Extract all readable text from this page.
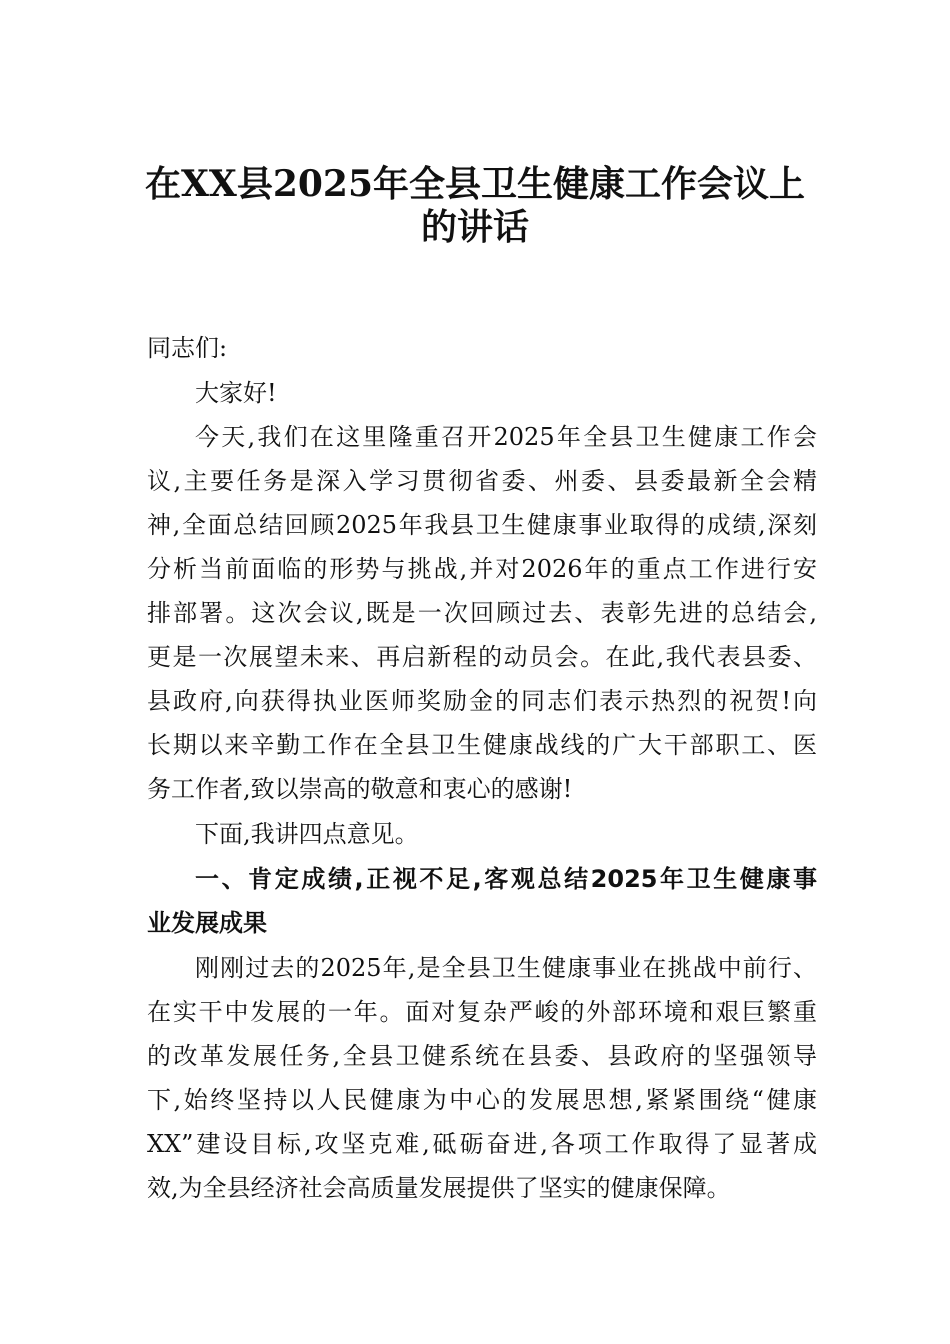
在XX县2025年全县卫生健康工作会议上
的讲话
同志们:
大家好!
今天,我们在这里隆重召开2025年全县卫生健康工作会
议,主要任务是深入学习贯彻省委、州委、县委最新全会精
神,全面总结回顾2025年我县卫生健康事业取得的成绩,深刻
分析当前面临的形势与挑战,并对2026年的重点工作进行安
排部署。这次会议,既是一次回顾过去、表彰先进的总结会,
更是一次展望未来、再启新程的动员会。在此,我代表县委、
县政府,向获得执业医师奖励金的同志们表示热烈的祝贺!向
长期以来辛勤工作在全县卫生健康战线的广大干部职工、医
务工作者,致以崇高的敬意和衷心的感谢!
下面,我讲四点意见。
一、肯定成绩,正视不足,客观总结2025年卫生健康事
业发展成果
刚刚过去的2025年,是全县卫生健康事业在挑战中前行、
在实干中发展的一年。面对复杂严峻的外部环境和艰巨繁重
的改革发展任务,全县卫健系统在县委、县政府的坚强领导
下,始终坚持以人民健康为中心的发展思想,紧紧围绕“健康
XX”建设目标,攻坚克难,砥砺奋进,各项工作取得了显著成
效,为全县经济社会高质量发展提供了坚实的健康保障。
